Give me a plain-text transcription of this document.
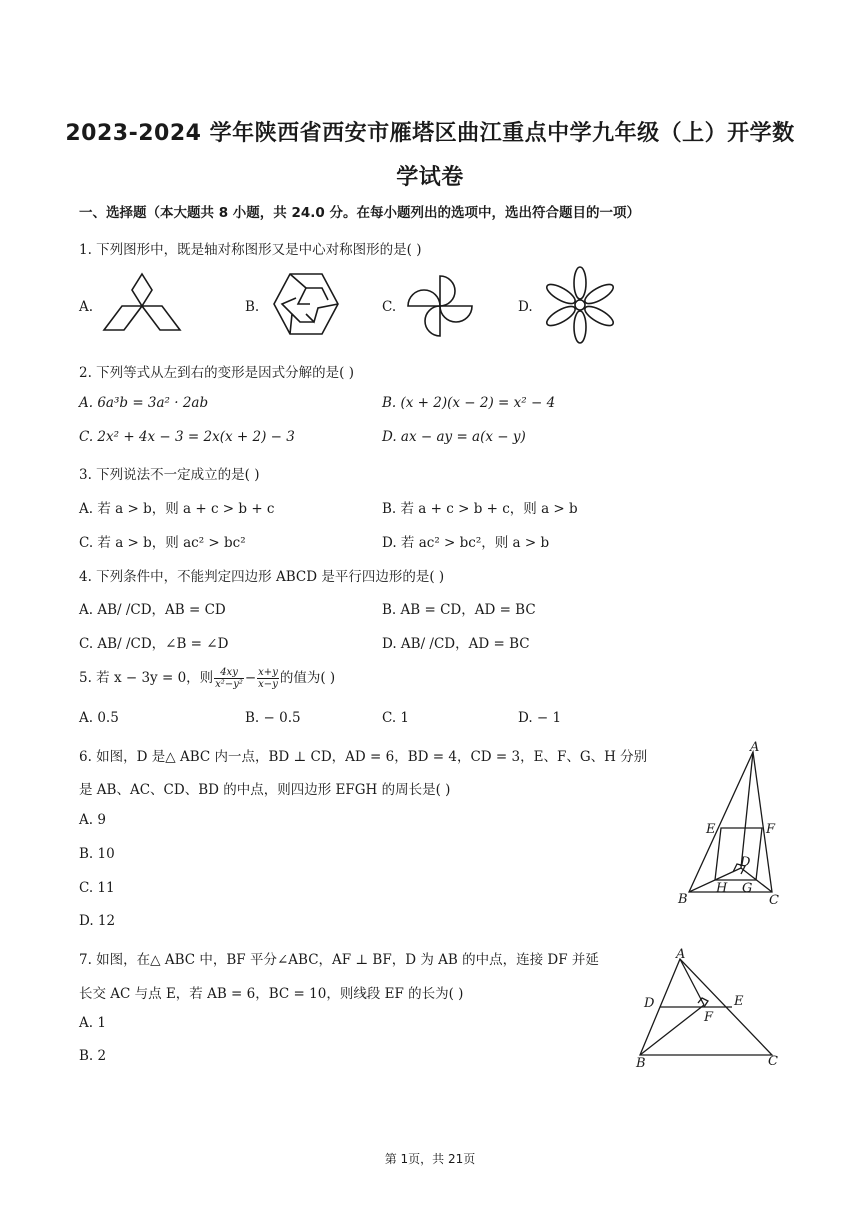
2023-2024 学年陕西省西安市雁塔区曲江重点中学九年级（上）开学数
学试卷
一、选择题（本大题共 8 小题，共 24.0 分。在每小题列出的选项中，选出符合题目的一项）
1. 下列图形中，既是轴对称图形又是中心对称图形的是( )
A.	B.	C.	D.
2. 下列等式从左到右的变形是因式分解的是( )
A. 6a³b = 3a² · 2ab	B. (x + 2)(x − 2) = x² − 4
C. 2x² + 4x − 3 = 2x(x + 2) − 3	D. ax − ay = a(x − y)
3. 下列说法不一定成立的是( )
A. 若 a > b，则 a + c > b + c	B. 若 a + c > b + c，则 a > b
C. 若 a > b，则 ac² > bc²	D. 若 ac² > bc²，则 a > b
4. 下列条件中，不能判定四边形 ABCD 是平行四边形的是( )
A. AB/ /CD，AB = CD	B. AB = CD，AD = BC
C. AB/ /CD，∠B = ∠D	D. AB/ /CD，AD = BC
5. 若 x − 3y = 0，则 $\frac{4xy}{\text{x²−y²}} - \frac{x+y}{x-y}$ 的值为( )
A. 0.5	B. − 0.5	C. 1	D. − 1
6. 如图，D 是△ ABC 内一点，BD ⊥ CD，AD = 6，BD = 4，CD = 3，E、F、G、H 分别
是 AB、AC、CD、BD 的中点，则四边形 EFGH 的周长是( )
A. 9
B. 10
C. 11
D. 12
A
B	C
D
E	F
G
H
7. 如图，在△ ABC 中，BF 平分∠ABC，AF ⊥ BF，D 为 AB 的中点，连接 DF 并延
长交 AC 与点 E，若 AB = 6，BC = 10，则线段 EF 的长为( )
A. 1
B. 2
A
B	C
D	E
F
第 1页，共 21页
